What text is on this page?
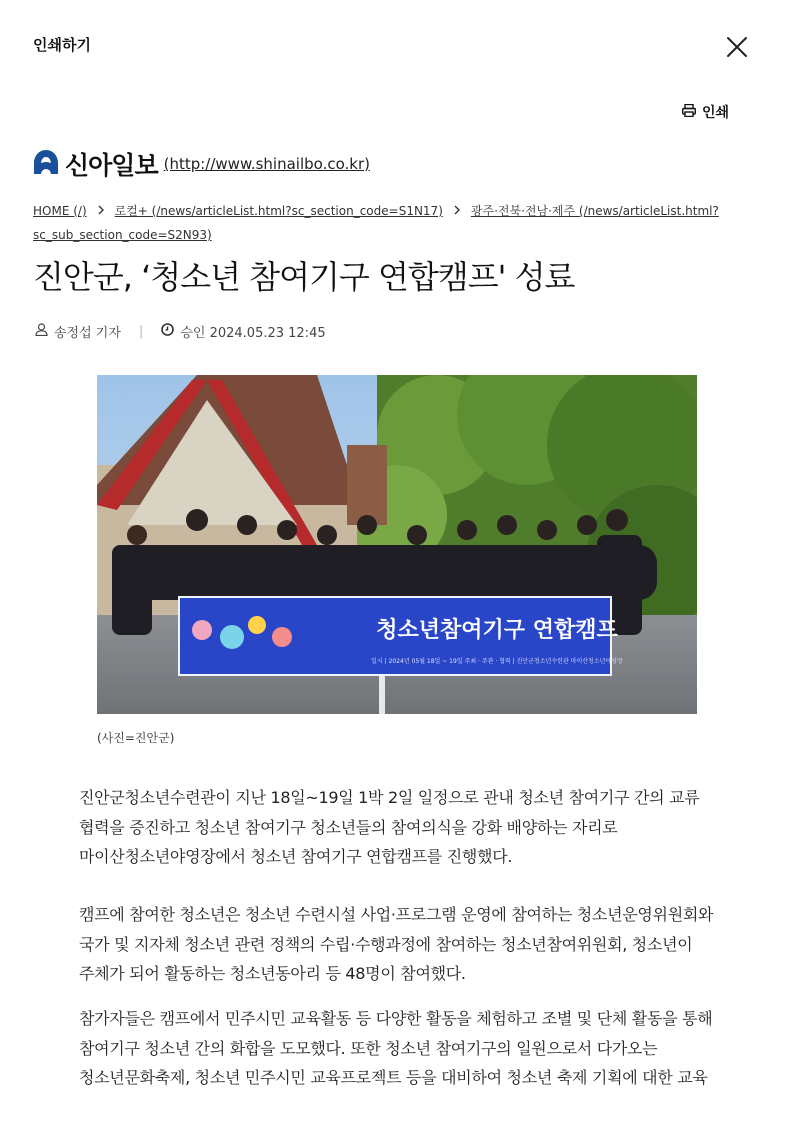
인쇄하기
인쇄
신아일보 (http://www.shinailbo.co.kr)
HOME (/) 로컬+ (/news/articleList.html?sc_section_code=S1N17) 광주·전북·전남·제주 (/news/articleList.html?
sc_sub_section_code=S2N93)
진안군, ‘청소년 참여기구 연합캠프' 성료
송정섭 기자 |	승인 2024.05.23 12:45
청소년참여기구 연합캠프
일시 | 2024년 05월 18일 ~ 19일 주최 · 주관 · 협력 | 진안군청소년수련관 마이산청소년야영장
(사진=진안군)
진안군청소년수련관이 지난 18일~19일 1박 2일 일정으로 관내 청소년 참여기구 간의 교류 협력을 증진하고 청소년 참여기구 청소년들의 참여의식을 강화 배양하는 자리로 마이산청소년야영장에서 청소년 참여기구 연합캠프를 진행했다.
캠프에 참여한 청소년은 청소년 수련시설 사업·프로그램 운영에 참여하는 청소년운영위원회와 국가 및 지자체 청소년 관련 정책의 수립·수행과정에 참여하는 청소년참여위원회, 청소년이 주체가 되어 활동하는 청소년동아리 등 48명이 참여했다.
참가자들은 캠프에서 민주시민 교육활동 등 다양한 활동을 체험하고 조별 및 단체 활동을 통해 참여기구 청소년 간의 화합을 도모했다. 또한 청소년 참여기구의 일원으로서 다가오는 청소년문화축제, 청소년 민주시민 교육프로젝트 등을 대비하여 청소년 축제 기획에 대한 교육
